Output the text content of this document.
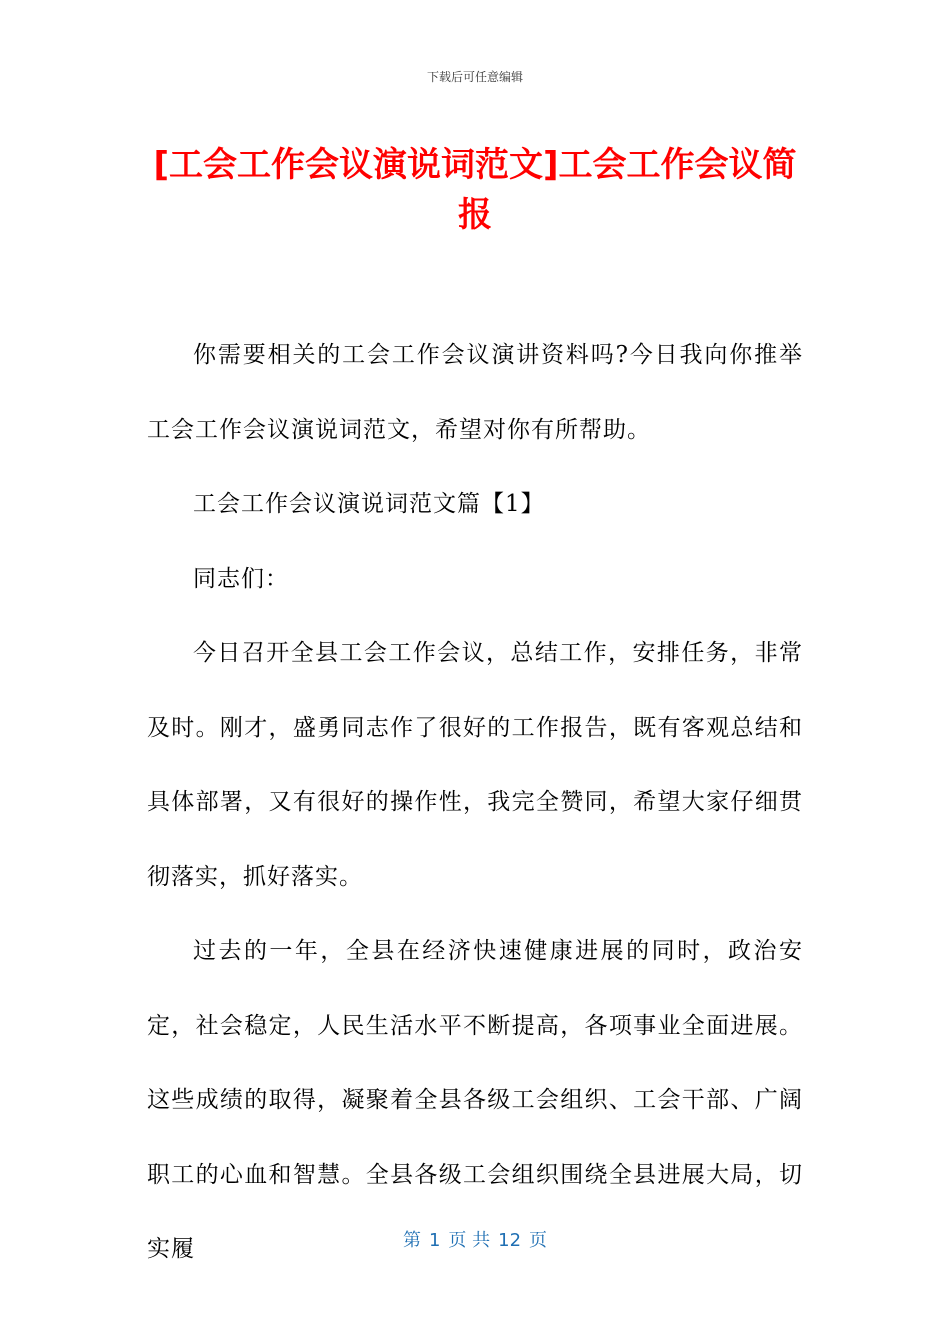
下载后可任意编辑
[工会工作会议演说词范文]工会工作会议简报

你需要相关的工会工作会议演讲资料吗?今日我向你推举工会工作会议演说词范文，希望对你有所帮助。

工会工作会议演说词范文篇【1】

同志们：

今日召开全县工会工作会议，总结工作，安排任务，非常及时。刚才，盛勇同志作了很好的工作报告，既有客观总结和具体部署，又有很好的操作性，我完全赞同，希望大家仔细贯彻落实，抓好落实。

过去的一年，全县在经济快速健康进展的同时，政治安定，社会稳定，人民生活水平不断提高，各项事业全面进展。这些成绩的取得，凝聚着全县各级工会组织、工会干部、广阔职工的心血和智慧。全县各级工会组织围绕全县进展大局，切实履	第 1 页 共 12 页
